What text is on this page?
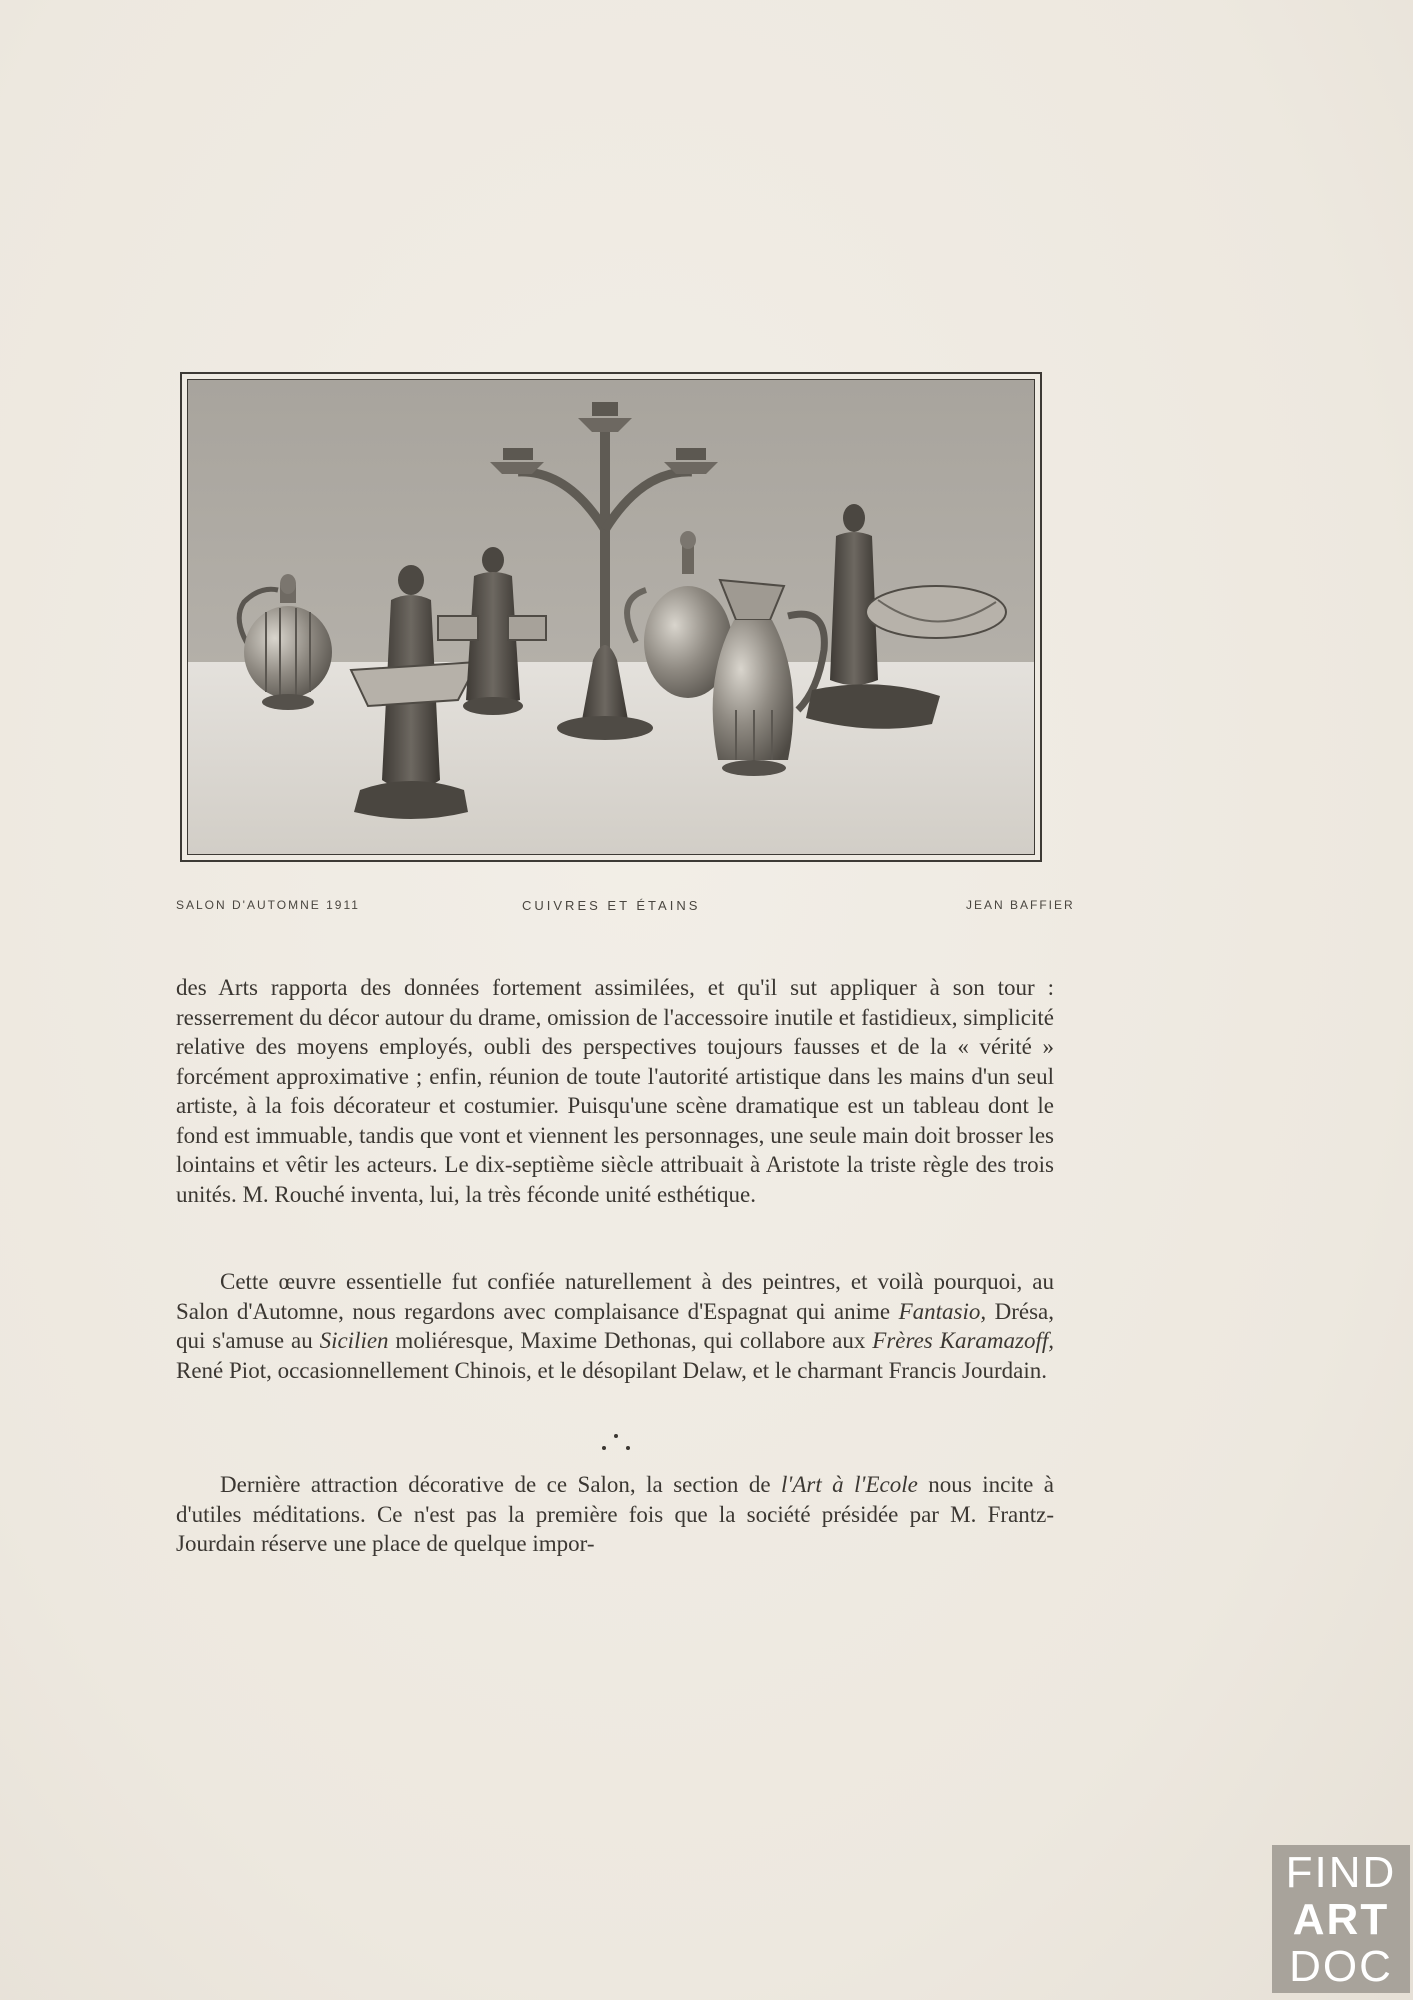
SALON D'AUTOMNE 1911	CUIVRES ET ÉTAINS	JEAN BAFFIER
des Arts rapporta des données fortement assimilées, et qu'il sut appliquer à son tour : resserrement du décor autour du drame, omission de l'accessoire inutile et fastidieux, simplicité relative des moyens employés, oubli des perspectives toujours fausses et de la « vérité » forcément approximative ; enfin, réunion de toute l'autorité artistique dans les mains d'un seul artiste, à la fois décorateur et costumier. Puisqu'une scène dramatique est un tableau dont le fond est immuable, tandis que vont et viennent les personnages, une seule main doit brosser les lointains et vêtir les acteurs. Le dix-septième siècle attribuait à Aristote la triste règle des trois unités. M. Rouché inventa, lui, la très féconde unité esthétique.
Cette œuvre essentielle fut confiée naturellement à des peintres, et voilà pourquoi, au Salon d'Automne, nous regardons avec complaisance d'Espagnat qui anime Fantasio, Drésa, qui s'amuse au Sicilien moliéresque, Maxime Dethonas, qui collabore aux Frères Karamazoff, René Piot, occasionnellement Chinois, et le désopilant Delaw, et le charmant Francis Jourdain.
Dernière attraction décorative de ce Salon, la section de l'Art à l'Ecole nous incite à d'utiles méditations. Ce n'est pas la première fois que la société présidée par M. Frantz-Jourdain réserve une place de quelque impor-
FIND
ART
DOC
